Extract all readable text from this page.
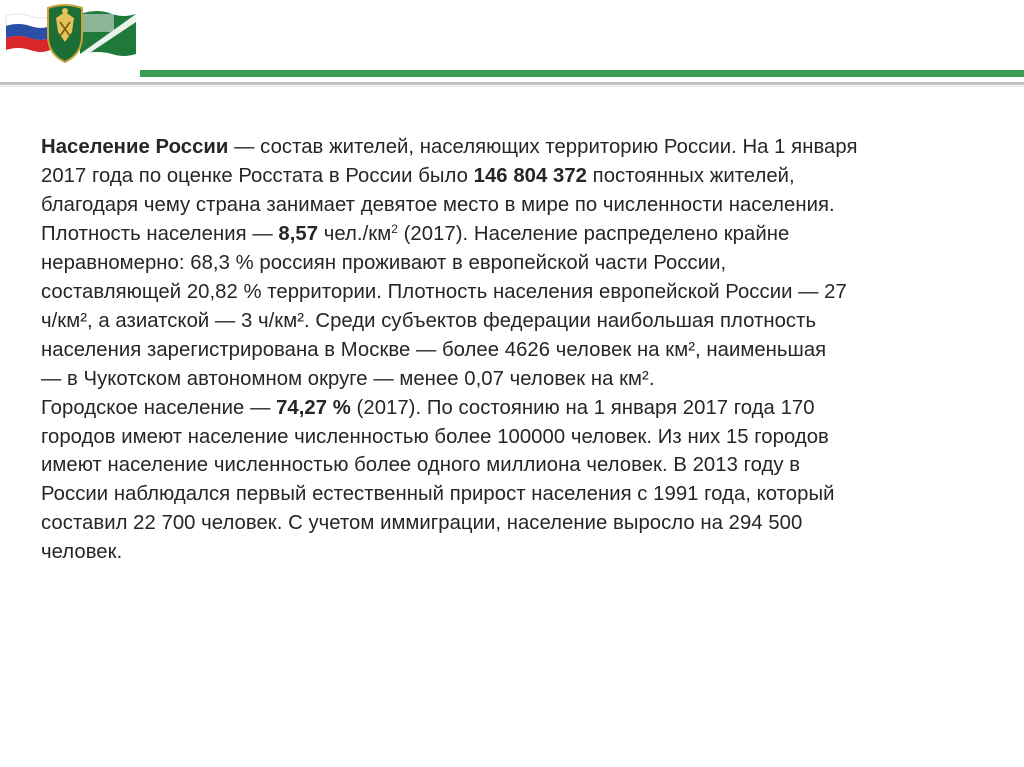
Население России — состав жителей, населяющих территорию России. На 1 января
2017 года по оценке Росстата в России было 146 804 372 постоянных жителей,
благодаря чему страна занимает девятое место в мире по численности населения.
Плотность населения — 8,57 $чел./км^2$ (2017). Население распределено крайне
неравномерно: 68,3 % россиян проживают в европейской части России,
составляющей 20,82 % территории. Плотность населения европейской России — 27
ч/км², а азиатской — 3 ч/км². Среди субъектов федерации наибольшая плотность
населения зарегистрирована в Москве — более 4626 человек на км², наименьшая
— в Чукотском автономном округе — менее 0,07 человек на км².
Городское население — 74,27 % (2017). По состоянию на 1 января 2017 года 170
городов имеют население численностью более 100000 человек. Из них 15 городов
имеют население численностью более одного миллиона человек. В 2013 году в
России наблюдался первый естественный прирост населения с 1991 года, который
составил 22 700 человек. С учетом иммиграции, население выросло на 294 500
человек.
